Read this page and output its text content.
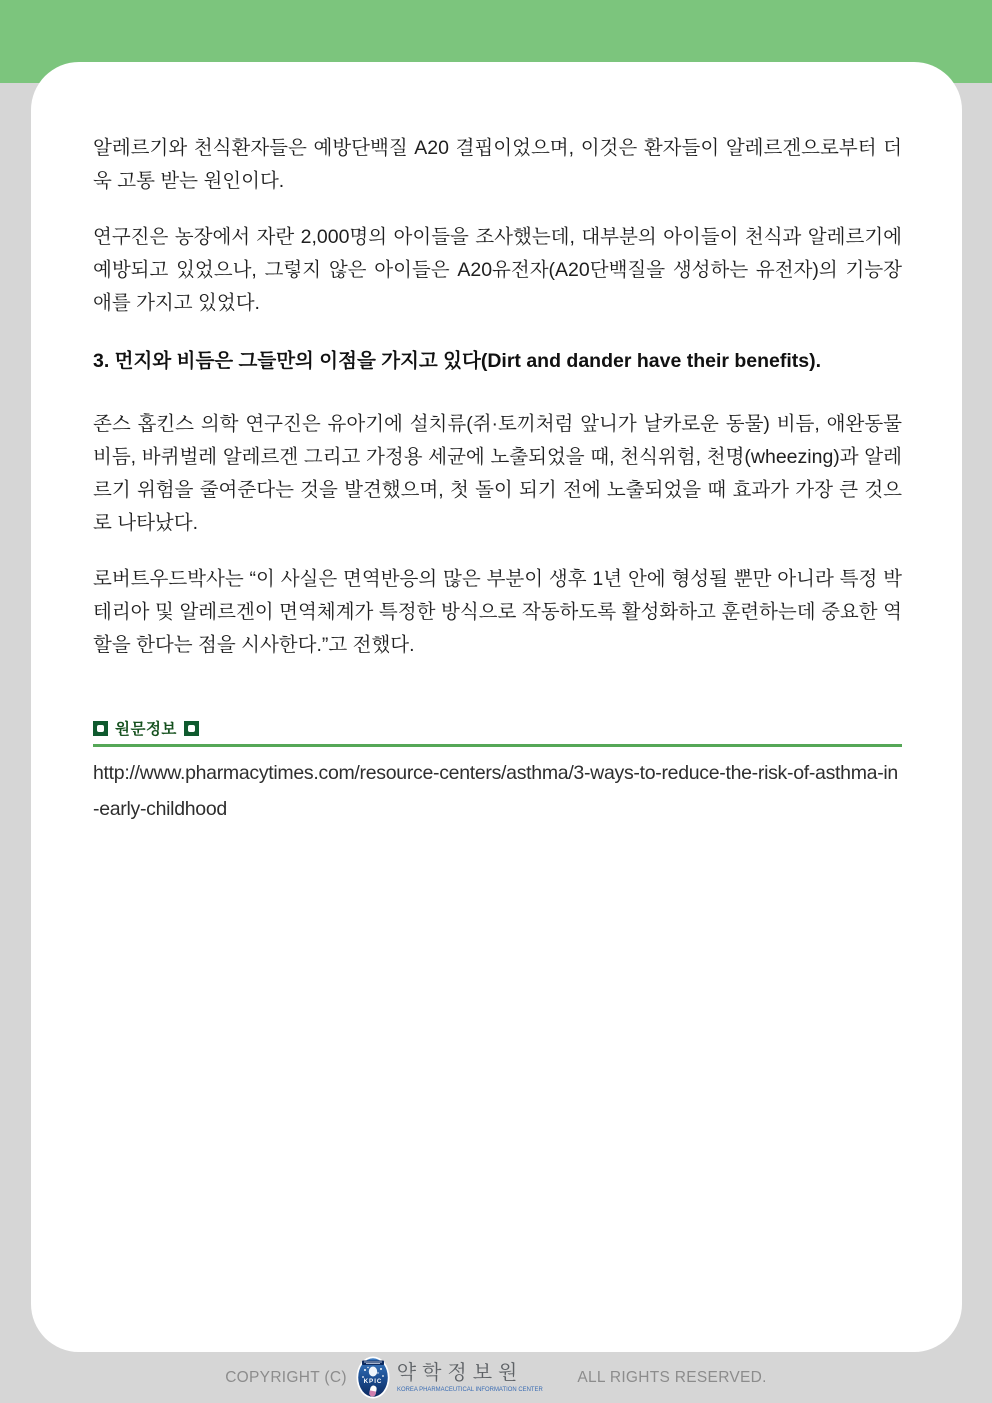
알레르기와 천식환자들은 예방단백질 A20 결핍이었으며, 이것은 환자들이 알레르겐으로부터 더욱 고통 받는 원인이다.

연구진은 농장에서 자란 2,000명의 아이들을 조사했는데, 대부분의 아이들이 천식과 알레르기에 예방되고 있었으나, 그렇지 않은 아이들은 A20유전자(A20단백질을 생성하는 유전자)의 기능장애를 가지고 있었다.

3. 먼지와 비듬은 그들만의 이점을 가지고 있다(Dirt and dander have their benefits).

존스 홉킨스 의학 연구진은 유아기에 설치류(쥐·토끼처럼 앞니가 날카로운 동물) 비듬, 애완동물 비듬, 바퀴벌레 알레르겐 그리고 가정용 세균에 노출되었을 때, 천식위험, 천명(wheezing)과 알레르기 위험을 줄여준다는 것을 발견했으며, 첫 돌이 되기 전에 노출되었을 때 효과가 가장 큰 것으로 나타났다.

로버트우드박사는 “이 사실은 면역반응의 많은 부분이 생후 1년 안에 형성될 뿐만 아니라 특정 박테리아 및 알레르겐이 면역체계가 특정한 방식으로 작동하도록 활성화하고 훈련하는데 중요한 역할을 한다는 점을 시사한다.”고 전했다.

원문정보
http://www.pharmacytimes.com/resource-centers/asthma/3-ways-to-reduce-the-risk-of-asthma-in-early-childhood
COPYRIGHT (C)	KPIC 약학정보원
KOREA PHARMACEUTICAL INFORMATION CENTER
ALL RIGHTS RESERVED.
